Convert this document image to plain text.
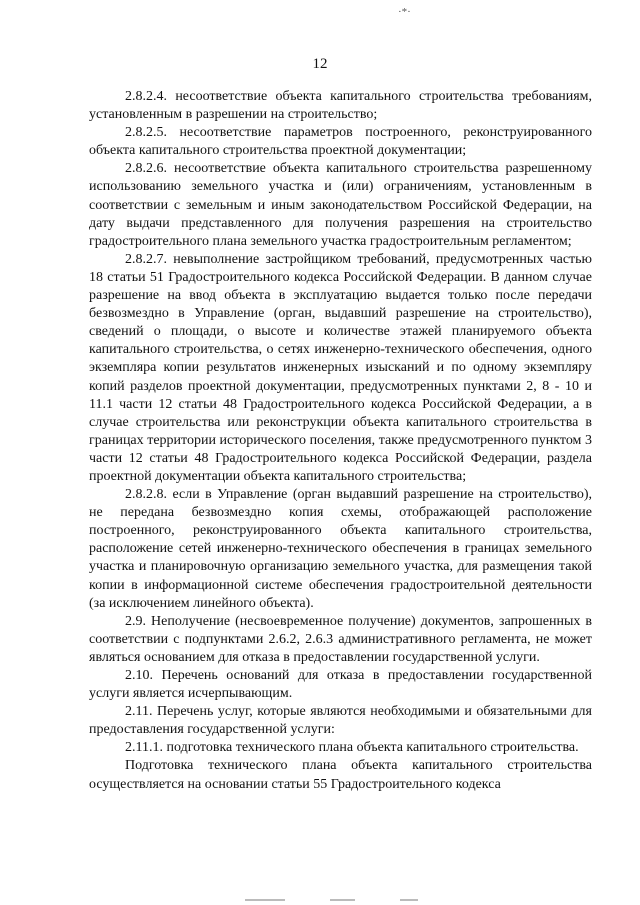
·*·
12

2.8.2.4. несоответствие объекта капитального строительства требованиям, установленным в разрешении на строительство;

2.8.2.5. несоответствие параметров построенного, реконструированного объекта капитального строительства проектной документации;

2.8.2.6. несоответствие объекта капитального строительства разрешенному использованию земельного участка и (или) ограничениям, установленным в соответствии с земельным и иным законодательством Российской Федерации, на дату выдачи представленного для получения разрешения на строительство градостроительного плана земельного участка градостроительным регламентом;

2.8.2.7. невыполнение застройщиком требований, предусмотренных частью 18 статьи 51 Градостроительного кодекса Российской Федерации. В данном случае разрешение на ввод объекта в эксплуатацию выдается только после передачи безвозмездно в Управление (орган, выдавший разрешение на строительство), сведений о площади, о высоте и количестве этажей планируемого объекта капитального строительства, о сетях инженерно-технического обеспечения, одного экземпляра копии результатов инженерных изысканий и по одному экземпляру копий разделов проектной документации, предусмотренных пунктами 2, 8 - 10 и 11.1 части 12 статьи 48 Градостроительного кодекса Российской Федерации, а в случае строительства или реконструкции объекта капитального строительства в границах территории исторического поселения, также предусмотренного пунктом 3 части 12 статьи 48 Градостроительного кодекса Российской Федерации, раздела проектной документации объекта капитального строительства;

2.8.2.8. если в Управление (орган выдавший разрешение на строительство), не передана безвозмездно копия схемы, отображающей расположение построенного, реконструированного объекта капитального строительства, расположение сетей инженерно-технического обеспечения в границах земельного участка и планировочную организацию земельного участка, для размещения такой копии в информационной системе обеспечения градостроительной деятельности (за исключением линейного объекта).

2.9. Неполучение (несвоевременное получение) документов, запрошенных в соответствии с подпунктами 2.6.2, 2.6.3 административного регламента, не может являться основанием для отказа в предоставлении государственной услуги.

2.10. Перечень оснований для отказа в предоставлении государственной услуги является исчерпывающим.

2.11. Перечень услуг, которые являются необходимыми и обязательными для предоставления государственной услуги:

2.11.1. подготовка технического плана объекта капитального строительства.

Подготовка технического плана объекта капитального строительства осуществляется на основании статьи 55 Градостроительного кодекса
